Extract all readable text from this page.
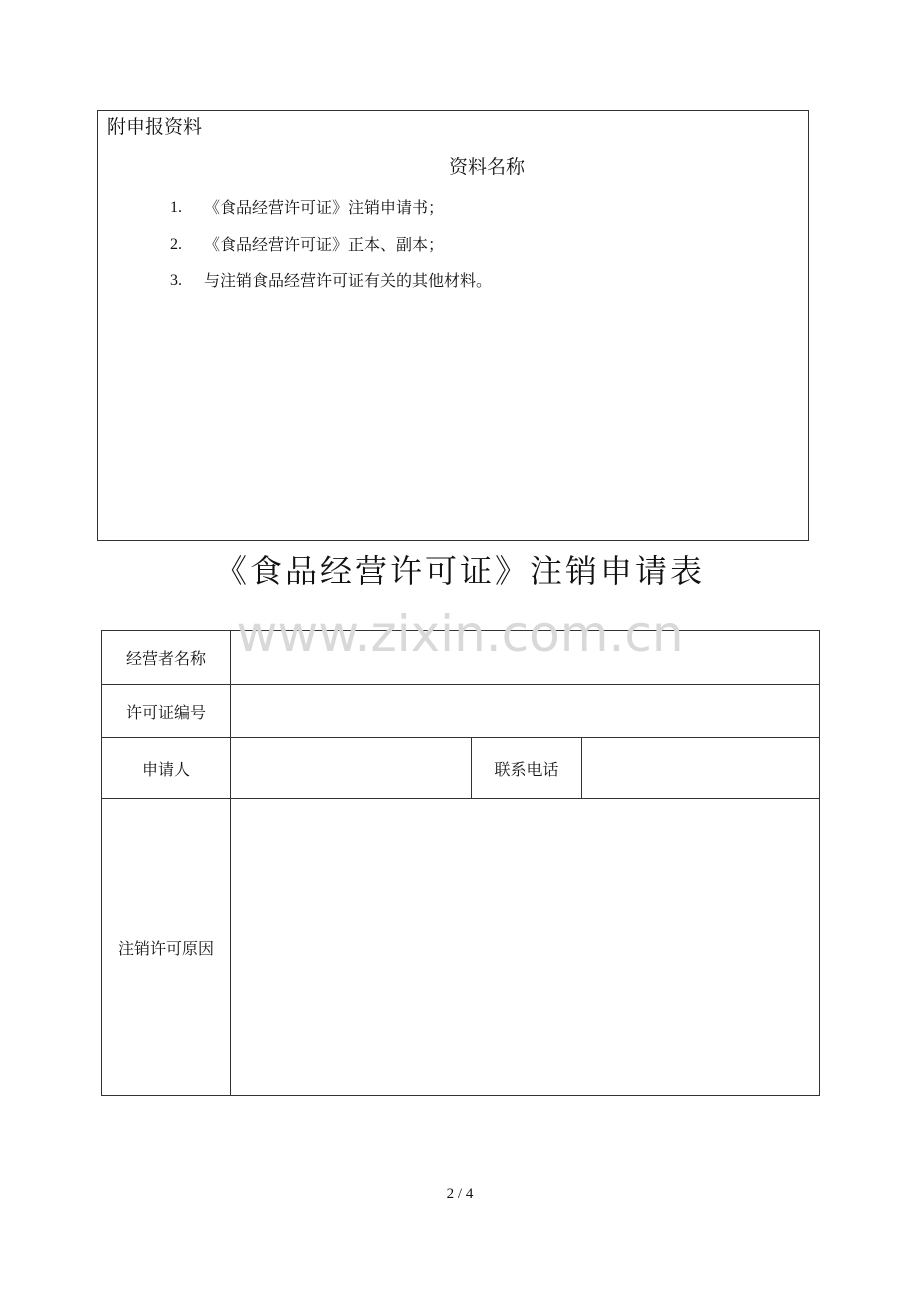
附申报资料
资料名称
1.	《食品经营许可证》注销申请书；
2.	《食品经营许可证》正本、副本；
3.	与注销食品经营许可证有关的其他材料。
《食品经营许可证》注销申请表
www.zixin.com.cn
经营者名称			
许可证编号			
申请人		联系电话	
注销许可原因			
2 / 4
